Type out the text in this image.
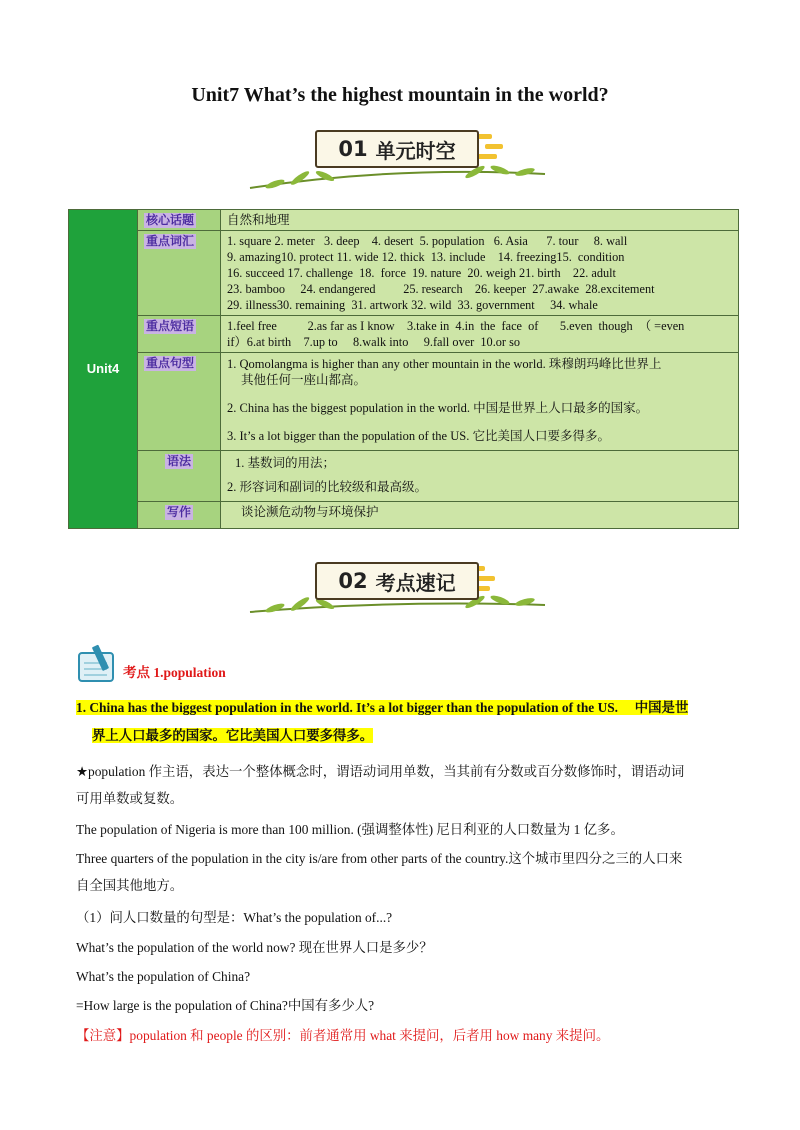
Unit7 What’s the highest mountain in the world?
01 单元时空
Unit4	核心话题	自然和地理

	重点词汇	1. square 2. meter   3. deep    4. desert  5. population   6. Asia      7. tour     8. wall
9. amazing10. protect 11. wide 12. thick  13. include    14. freezing15.  condition
16. succeed 17. challenge  18.  force  19. nature  20. weigh 21. birth    22. adult
23. bamboo     24. endangered         25. research    26. keeper  27.awake  28.excitement
29. illness30. remaining  31. artwork 32. wild  33. government     34. whale

	重点短语	1.feel free          2.as far as I know    3.take in  4.in  the  face  of       5.even  though  （ =even
if）6.at birth    7.up to     8.walk into     9.fall over  10.or so

	重点句型	1. Qomolangma is higher than any other mountain in the world. 珠穆朗玛峰比世界上
其他任何一座山都高。

2. China has the biggest population in the world. 中国是世界上人口最多的国家。

3. It’s a lot bigger than the population of the US. 它比美国人口要多得多。

	语法	1. 基数词的用法；
2. 形容词和副词的比较级和最高级。

	写作	谈论濒危动物与环境保护
02 考点速记
考点 1.population
1. China has the biggest population in the world. It’s a lot bigger than the population of the US.     中国是世
界上人口最多的国家。它比美国人口要多得多。
★population 作主语，表达一个整体概念时，谓语动词用单数，当其前有分数或百分数修饰时，谓语动词
可用单数或复数。
The population of Nigeria is more than 100 million. (强调整体性) 尼日利亚的人口数量为 1 亿多。
Three quarters of the population in the city is/are from other parts of the country.这个城市里四分之三的人口来
自全国其他地方。
（1）问人口数量的句型是：What’s the population of...?
What’s the population of the world now? 现在世界人口是多少？
What’s the population of China?
=How large is the population of China?中国有多少人?
【注意】population 和 people 的区别：前者通常用 what 来提问，后者用 how many 来提问。
